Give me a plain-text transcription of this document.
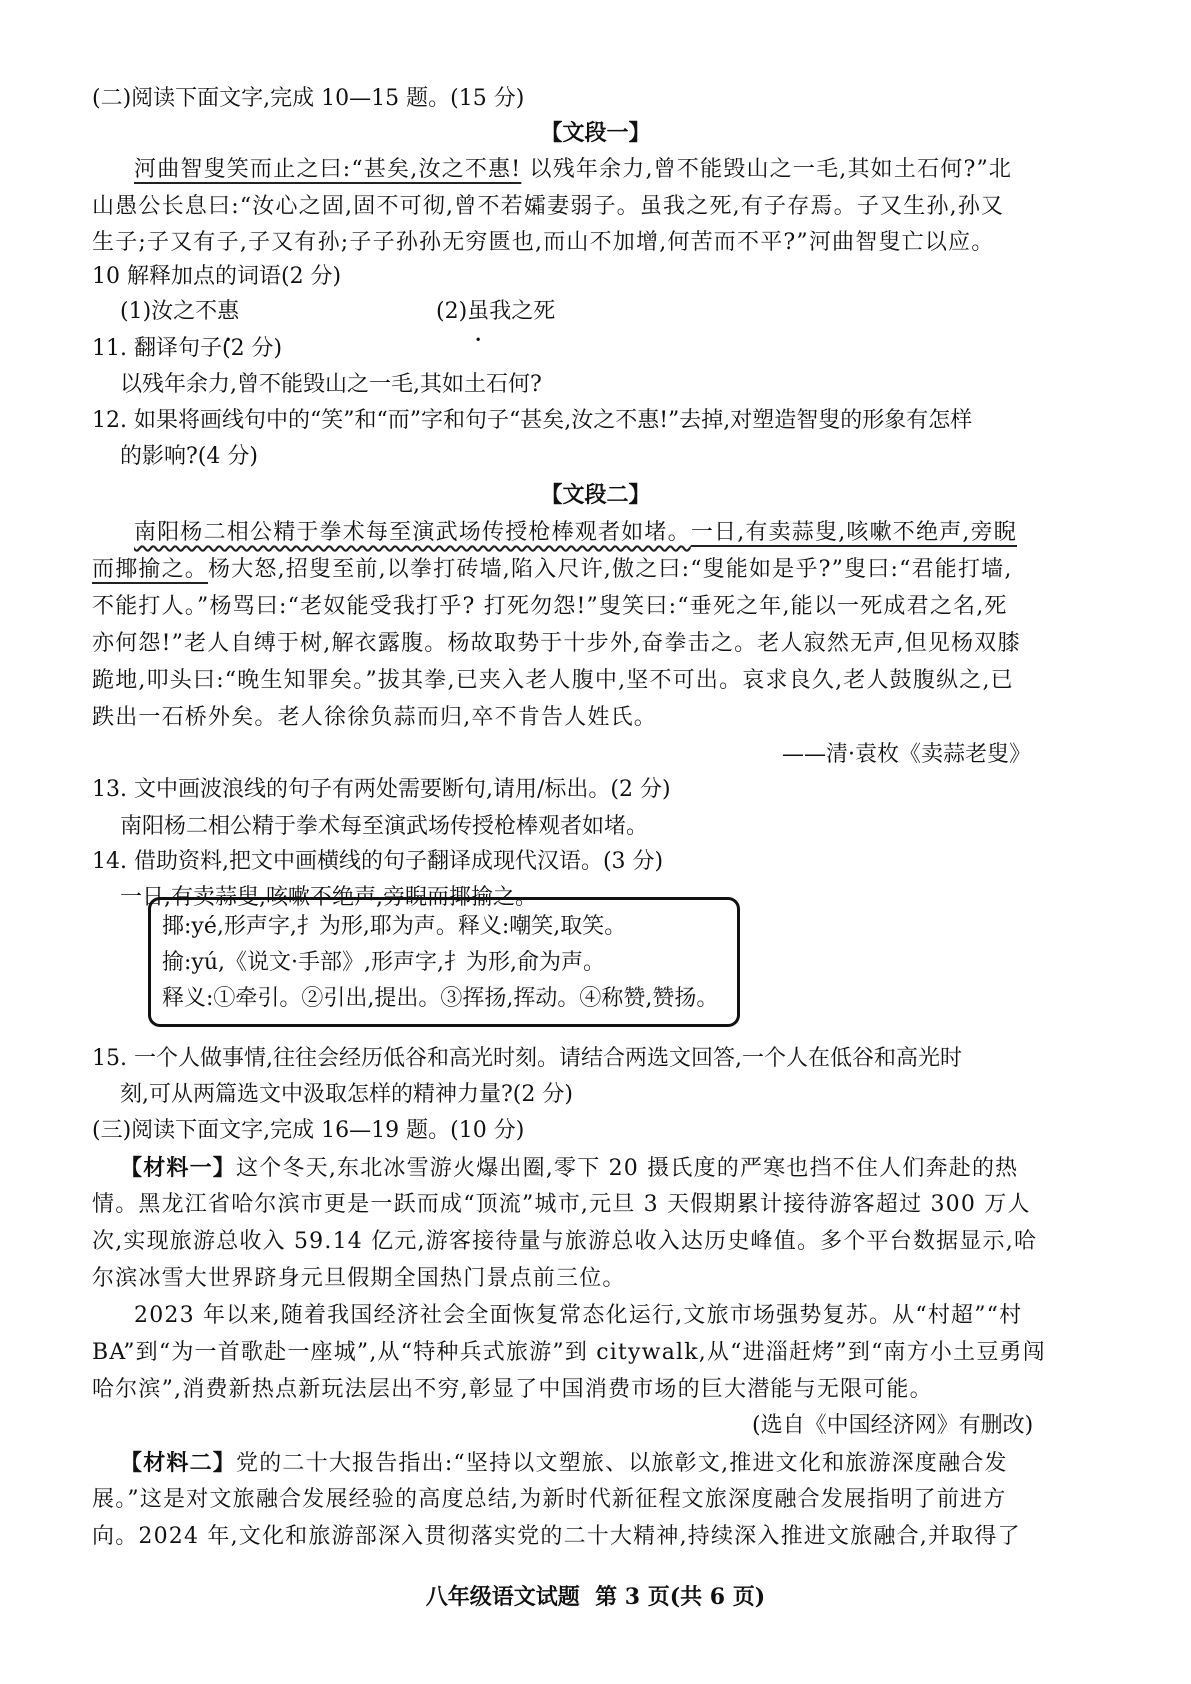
(二)阅读下面文字,完成 10—15 题。(15 分)
【文段一】
河曲智叟笑而止之曰:“甚矣,汝之不惠! 以残年余力,曾不能毁山之一毛,其如土石何?”北
山愚公长息曰:“汝心之固,固不可彻,曾不若孀妻弱子。虽我之死,有子存焉。子又生孙,孙又
生子;子又有子,子又有孙;子子孙孙无穷匮也,而山不加增,何苦而不平?”河曲智叟亡以应。
10 解释加点的词语(2 分)
(1)汝之不惠	(2)虽我之死
11. 翻译句子(2 分)
以残年余力,曾不能毁山之一毛,其如土石何?
12. 如果将画线句中的“笑”和“而”字和句子“甚矣,汝之不惠!”去掉,对塑造智叟的形象有怎样
的影响?(4 分)
【文段二】
南阳杨二相公精于拳术每至演武场传授枪棒观者如堵。一日,有卖蒜叟,咳嗽不绝声,旁睨
而揶揄之。杨大怒,招叟至前,以拳打砖墙,陷入尺许,傲之曰:“叟能如是乎?”叟曰:“君能打墙,
不能打人。”杨骂曰:“老奴能受我打乎? 打死勿怨!”叟笑曰:“垂死之年,能以一死成君之名,死
亦何怨!”老人自缚于树,解衣露腹。杨故取势于十步外,奋拳击之。老人寂然无声,但见杨双膝
跪地,叩头曰:“晚生知罪矣。”拔其拳,已夹入老人腹中,坚不可出。哀求良久,老人鼓腹纵之,已
跌出一石桥外矣。老人徐徐负蒜而归,卒不肯告人姓氏。
——清·袁枚《卖蒜老叟》
13. 文中画波浪线的句子有两处需要断句,请用/标出。(2 分)
南阳杨二相公精于拳术每至演武场传授枪棒观者如堵。
14. 借助资料,把文中画横线的句子翻译成现代汉语。(3 分)
一日,有卖蒜叟,咳嗽不绝声,旁睨而揶揄之。
揶:yé,形声字,扌为形,耶为声。释义:嘲笑,取笑。
揄:yú,《说文·手部》,形声字,扌为形,俞为声。
释义:①牵引。②引出,提出。③挥扬,挥动。④称赞,赞扬。
15. 一个人做事情,往往会经历低谷和高光时刻。请结合两选文回答,一个人在低谷和高光时
刻,可从两篇选文中汲取怎样的精神力量?(2 分)
(三)阅读下面文字,完成 16—19 题。(10 分)
【材料一】这个冬天,东北冰雪游火爆出圈,零下 20 摄氏度的严寒也挡不住人们奔赴的热
情。黑龙江省哈尔滨市更是一跃而成“顶流”城市,元旦 3 天假期累计接待游客超过 300 万人
次,实现旅游总收入 59.14 亿元,游客接待量与旅游总收入达历史峰值。多个平台数据显示,哈
尔滨冰雪大世界跻身元旦假期全国热门景点前三位。
2023 年以来,随着我国经济社会全面恢复常态化运行,文旅市场强势复苏。从“村超”“村
BA”到“为一首歌赴一座城”,从“特种兵式旅游”到 citywalk,从“进淄赶烤”到“南方小土豆勇闯
哈尔滨”,消费新热点新玩法层出不穷,彰显了中国消费市场的巨大潜能与无限可能。
(选自《中国经济网》有删改)
【材料二】党的二十大报告指出:“坚持以文塑旅、以旅彰文,推进文化和旅游深度融合发
展。”这是对文旅融合发展经验的高度总结,为新时代新征程文旅深度融合发展指明了前进方
向。2024 年,文化和旅游部深入贯彻落实党的二十大精神,持续深入推进文旅融合,并取得了
八年级语文试题  第 3 页(共 6 页)
